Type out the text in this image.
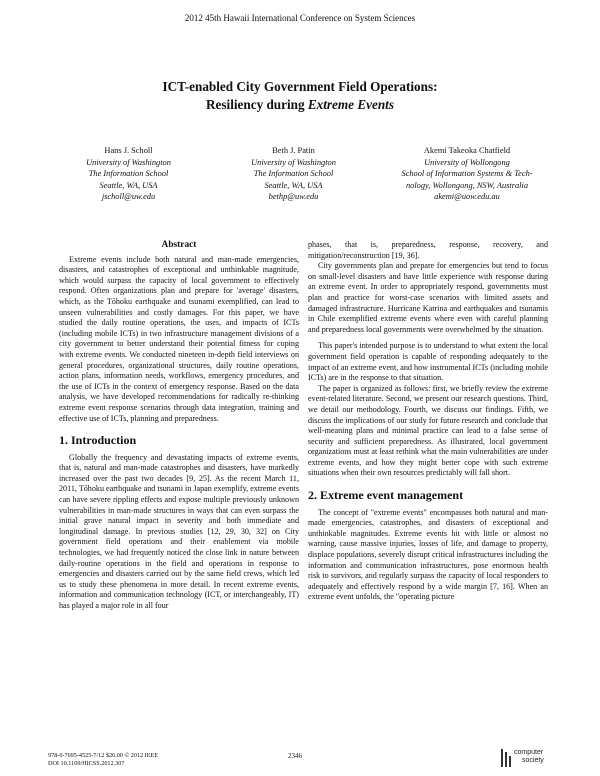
2012 45th Hawaii International Conference on System Sciences
ICT-enabled City Government Field Operations:
Resiliency during Extreme Events
Hans J. Scholl
University of Washington
The Information School
Seattle, WA, USA
jscholl@uw.edu
Beth J. Patin
University of Washington
The Information School
Seattle, WA, USA
bethp@uw.edu
Akemi Takeoka Chatfield
University of Wollongong
School of Information Systems & Tech-
nology, Wollongong, NSW, Australia
akemi@uow.edu.au
Abstract

Extreme events include both natural and man-made emergencies, disasters, and catastrophes of exceptional and unthinkable magnitude, which would surpass the capacity of local government to effectively respond. Often organizations plan and prepare for 'average' disasters, which, as the Tōhoku earthquake and tsunami exemplified, can lead to unseen vulnerabilities and costly damages. For this paper, we have studied the daily routine operations, the uses, and impacts of ICTs (including mobile ICTs) in two infrastructure management divisions of a city government to better understand their potential fitness for coping with extreme events. We conducted nineteen in-depth field interviews on general procedures, organizational structures, daily routine operations, action plans, information needs, workflows, emergency procedures, and the use of ICTs in the context of emergency response. Based on the data analysis, we have developed recommendations for radically re-thinking extreme event response scenarios through data integration, training and effective use of ICTs, planning and preparedness.

1. Introduction

Globally the frequency and devastating impacts of extreme events, that is, natural and man-made catastrophes and disasters, have markedly increased over the past two decades [9, 25]. As the recent March 11, 2011, Tōhoku earthquake and tsunami in Japan exemplify, extreme events can have severe rippling effects and expose multiple previously unknown vulnerabilities in man-made structures in ways that can even surpass the initial grave natural impact in severity and both immediate and longitudinal damage. In previous studies [12, 29, 30, 32] on City government field operations and their enablement via mobile technologies, we had frequently noticed the close link in nature between daily-routine operations in the field and operations in response to emergencies and disasters carried out by the same field crews, which led us to study these phenomena in more detail. In recent extreme events, information and communication technology (ICT, or interchangeably, IT) has played a major role in all four

phases, that is, preparedness, response, recovery, and mitigation/reconstruction [19, 36].

City governments plan and prepare for emergencies but tend to focus on small-level disasters and have little experience with response during an extreme event. In order to appropriately respond, governments must plan and practice for worst-case scenarios with limited assets and damaged infrastructure. Hurricane Katrina and earthquakes and tsunamis in Chile exemplified extreme events where even with careful planning and preparedness local governments were overwhelmed by the situation.

This paper's intended purpose is to understand to what extent the local government field operation is capable of responding adequately to the impact of an extreme event, and how instrumental ICTs (including mobile ICTs) are in the response to that situation.

The paper is organized as follows: first, we briefly review the extreme event-related literature. Second, we present our research questions. Third, we detail our methodology. Fourth, we discuss our findings. Fifth, we discuss the implications of our study for future research and conclude that well-meaning plans and minimal practice can lead to a false sense of security and sufficient preparedness. As illustrated, local government organizations must at least rethink what the main vulnerabilities are under extreme events, and how they might better cope with such extreme situations when their own resources predictably will fall short.

2. Extreme event management

The concept of "extreme events" encompasses both natural and man-made emergencies, catastrophes, and disasters of exceptional and unthinkable magnitudes. Extreme events hit with little or almost no warning, cause massive injuries, losses of life, and damage to property, displace populations, severely disrupt critical infrastructures including the information and communication infrastructures, pose enormous health risk to survivors, and regularly surpass the capacity of local responders to adequately and effectively respond by a wide margin [7, 16]. When an extreme event unfolds, the "operating picture

978-0-7695-4525-7/12 $26.00 © 2012 IEEE
DOI 10.1109/HICSS.2012.307
2346	computer
society
